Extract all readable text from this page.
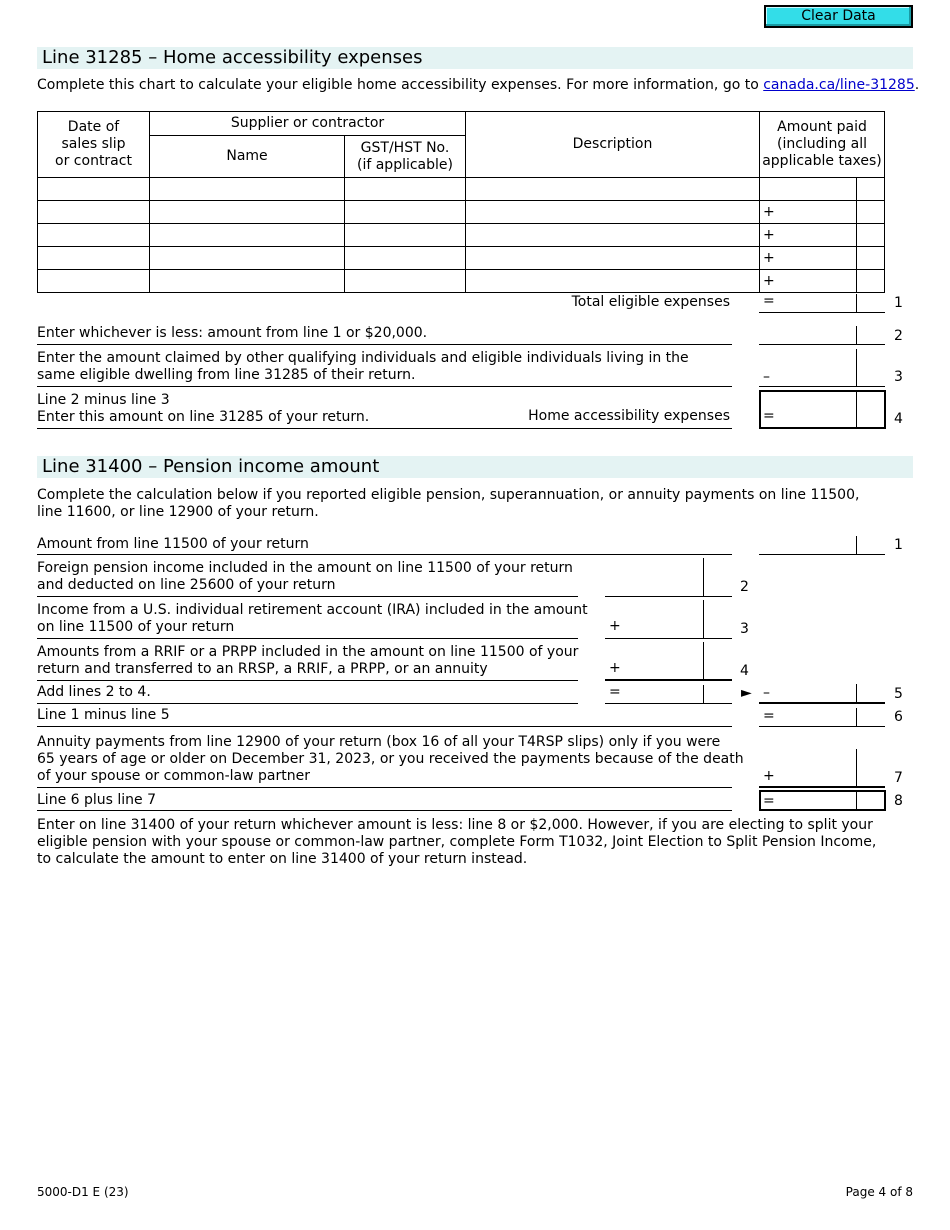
Clear Data
Line 31285 – Home accessibility expenses
Complete this chart to calculate your eligible home accessibility expenses. For more information, go to canada.ca/line-31285.
Date of
sales slip
or contract	Supplier or contractor		Description	Amount paid
(including all
applicable taxes)	
	Name	GST/HST No.
(if applicable)			

				+	
				+	
				+	
				+	
Total eligible expenses =	1
Enter whichever is less: amount from line 1 or $20,000.	2
Enter the amount claimed by other qualifying individuals and eligible individuals living in the
same eligible dwelling from line 31285 of their return.	–	3
Line 2 minus line 3
Enter this amount on line 31285 of your return.	Home accessibility expenses =	4
Line 31400 – Pension income amount
Complete the calculation below if you reported eligible pension, superannuation, or annuity payments on line 11500,
line 11600, or line 12900 of your return.
Amount from line 11500 of your return	1
Foreign pension income included in the amount on line 11500 of your return
and deducted on line 25600 of your return	2
Income from a U.S. individual retirement account (IRA) included in the amount
on line 11500 of your return	+	3
Amounts from a RRIF or a PRPP included in the amount on line 11500 of your
return and transferred to an RRSP, a RRIF, a PRPP, or an annuity	+	4
Add lines 2 to 4.	=	► –	5
Line 1 minus line 5	=	6
Annuity payments from line 12900 of your return (box 16 of all your T4RSP slips) only if you were
65 years of age or older on December 31, 2023, or you received the payments because of the death
of your spouse or common-law partner	+	7
Line 6 plus line 7	=	8
Enter on line 31400 of your return whichever amount is less: line 8 or $2,000. However, if you are electing to split your
eligible pension with your spouse or common-law partner, complete Form T1032, Joint Election to Split Pension Income,
to calculate the amount to enter on line 31400 of your return instead.
5000-D1 E (23)	Page 4 of 8
